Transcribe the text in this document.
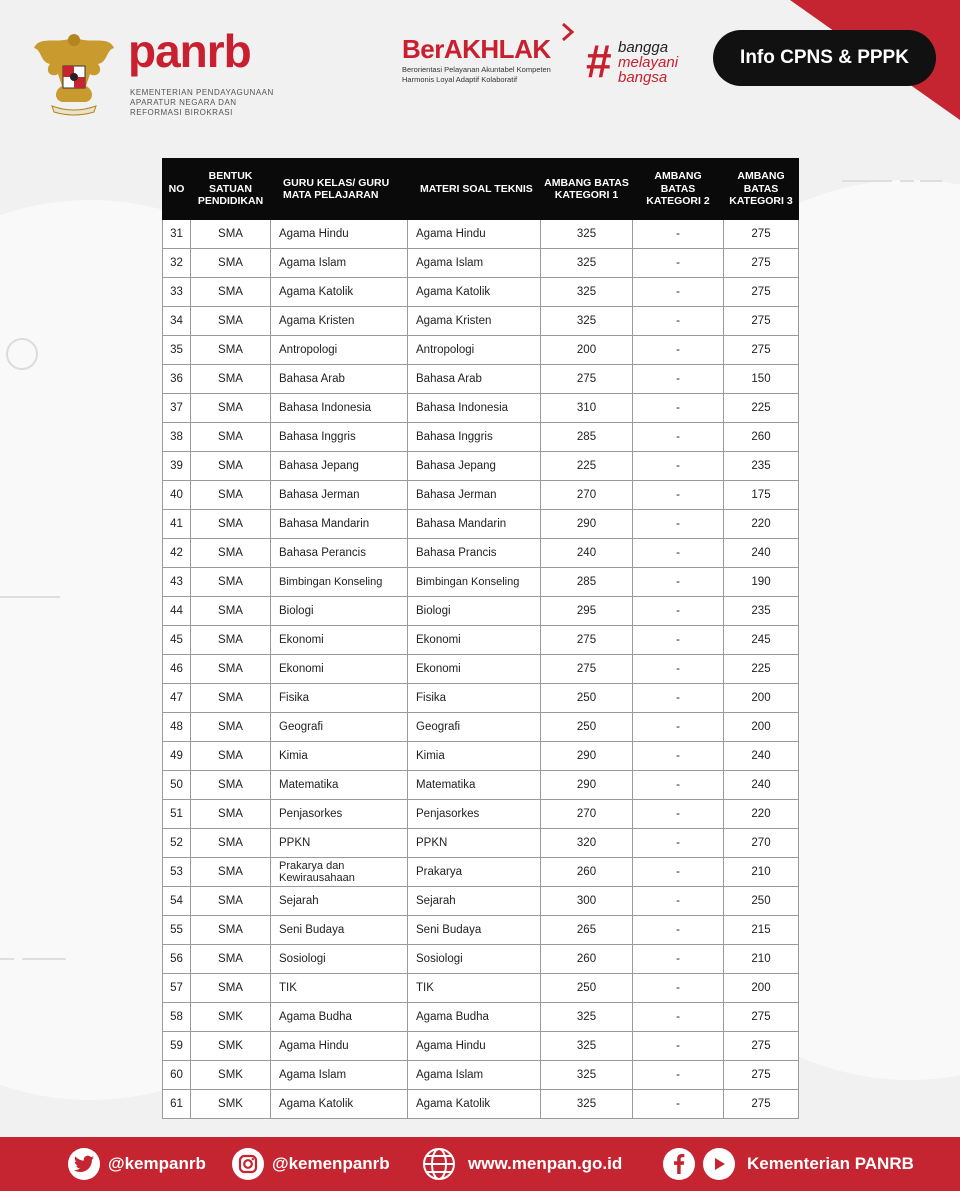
panrb
KEMENTERIAN PENDAYAGUNAAN APARATUR NEGARA DAN REFORMASI BIROKRASI
BerAKHLAK
Berorientasi Pelayanan Akuntabel Kompeten Harmonis Loyal Adaptif Kolaboratif	# bangga
melayani
bangsa
Info CPNS & PPPK
NO	BENTUK SATUAN PENDIDIKAN	GURU KELAS/ GURU MATA PELAJARAN	MATERI SOAL TEKNIS	AMBANG BATAS KATEGORI 1	AMBANG BATAS KATEGORI 2	AMBANG BATAS KATEGORI 3
31	SMA	Agama Hindu	Agama Hindu	325	-	275
32	SMA	Agama Islam	Agama Islam	325	-	275
33	SMA	Agama Katolik	Agama Katolik	325	-	275
34	SMA	Agama Kristen	Agama Kristen	325	-	275
35	SMA	Antropologi	Antropologi	200	-	275
36	SMA	Bahasa Arab	Bahasa Arab	275	-	150
37	SMA	Bahasa Indonesia	Bahasa Indonesia	310	-	225
38	SMA	Bahasa Inggris	Bahasa Inggris	285	-	260
39	SMA	Bahasa Jepang	Bahasa Jepang	225	-	235
40	SMA	Bahasa Jerman	Bahasa Jerman	270	-	175
41	SMA	Bahasa Mandarin	Bahasa Mandarin	290	-	220
42	SMA	Bahasa Perancis	Bahasa Prancis	240	-	240
43	SMA	Bimbingan Konseling	Bimbingan Konseling	285	-	190
44	SMA	Biologi	Biologi	295	-	235
45	SMA	Ekonomi	Ekonomi	275	-	245
46	SMA	Ekonomi	Ekonomi	275	-	225
47	SMA	Fisika	Fisika	250	-	200
48	SMA	Geografi	Geografi	250	-	200
49	SMA	Kimia	Kimia	290	-	240
50	SMA	Matematika	Matematika	290	-	240
51	SMA	Penjasorkes	Penjasorkes	270	-	220
52	SMA	PPKN	PPKN	320	-	270
53	SMA	Prakarya dan Kewirausahaan	Prakarya	260	-	210
54	SMA	Sejarah	Sejarah	300	-	250
55	SMA	Seni Budaya	Seni Budaya	265	-	215
56	SMA	Sosiologi	Sosiologi	260	-	210
57	SMA	TIK	TIK	250	-	200
58	SMK	Agama Budha	Agama Budha	325	-	275
59	SMK	Agama Hindu	Agama Hindu	325	-	275
60	SMK	Agama Islam	Agama Islam	325	-	275
61	SMK	Agama Katolik	Agama Katolik	325	-	275
@kempanrb	@kemenpanrb	www.menpan.go.id	Kementerian PANRB
